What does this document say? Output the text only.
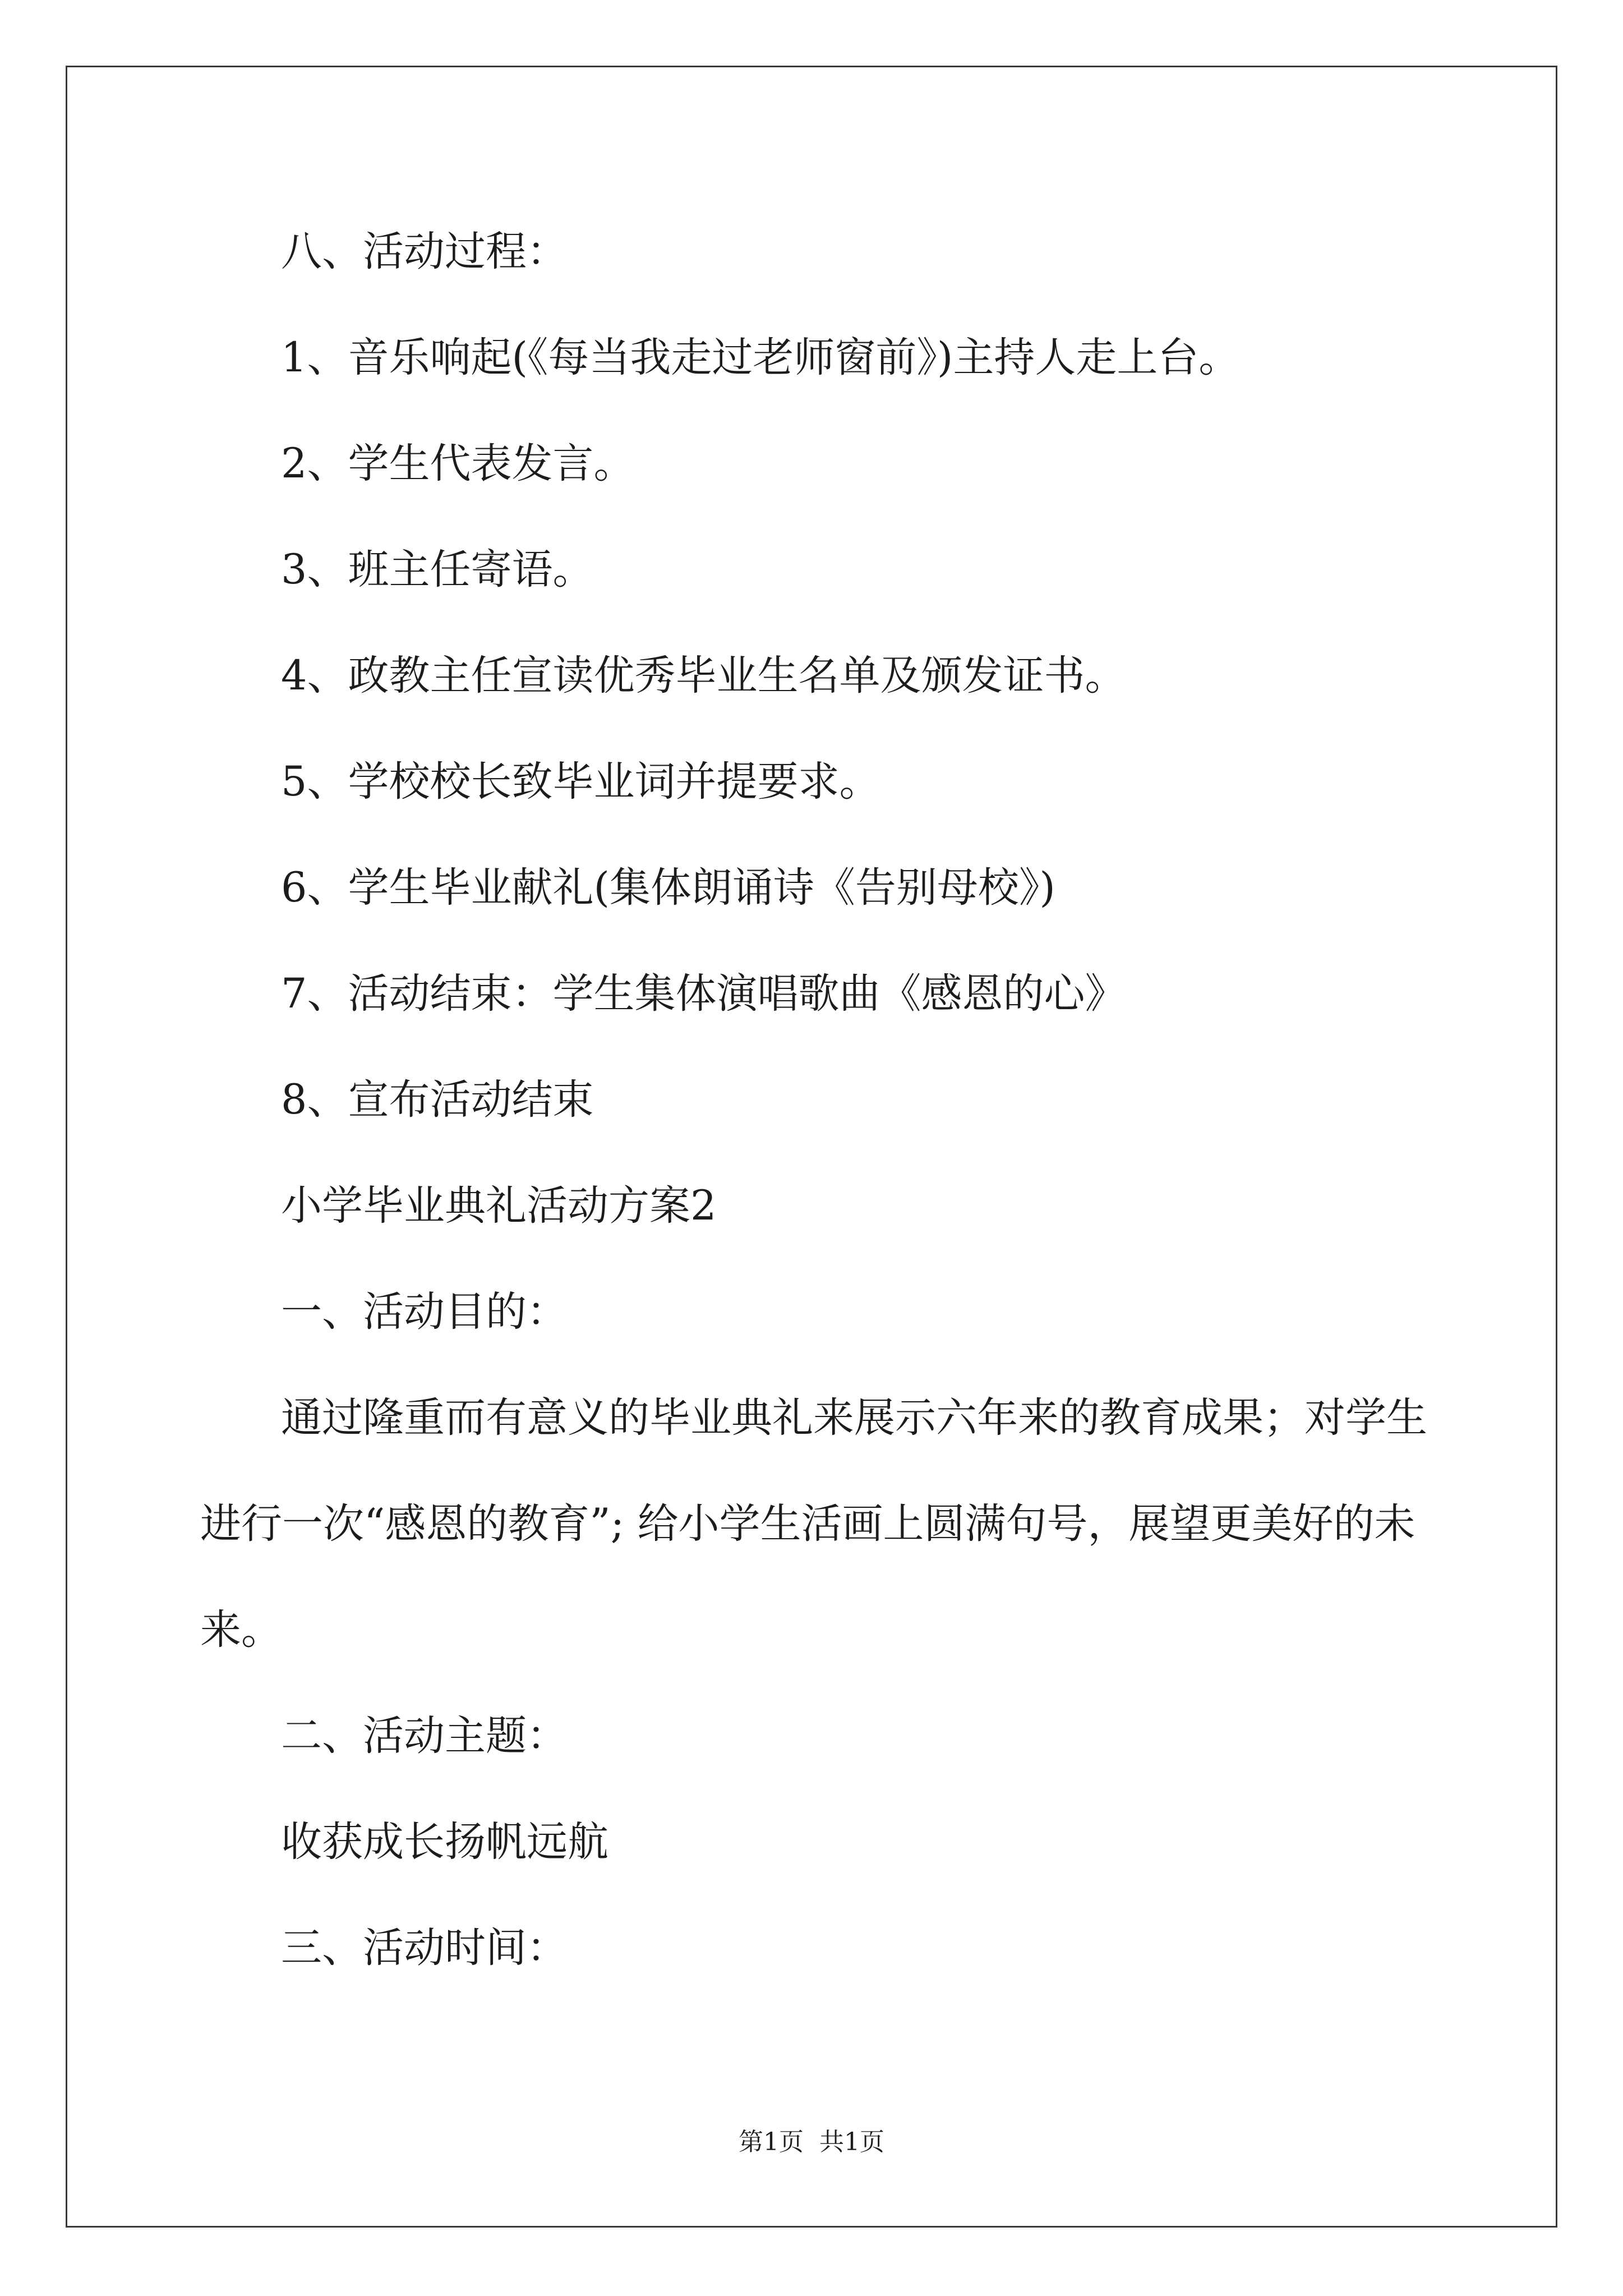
八、活动过程：
1、音乐响起(《每当我走过老师窗前》)主持人走上台。
2、学生代表发言。
3、班主任寄语。
4、政教主任宣读优秀毕业生名单及颁发证书。
5、学校校长致毕业词并提要求。
6、学生毕业献礼(集体朗诵诗《告别母校》)
7、活动结束：学生集体演唱歌曲《感恩的心》
8、宣布活动结束
小学毕业典礼活动方案2
一、活动目的：
通过隆重而有意义的毕业典礼来展示六年来的教育成果；对学生
进行一次“感恩的教育”; 给小学生活画上圆满句号，展望更美好的未
来。
二、活动主题：
收获成长扬帆远航
三、活动时间：
第1页  共1页
